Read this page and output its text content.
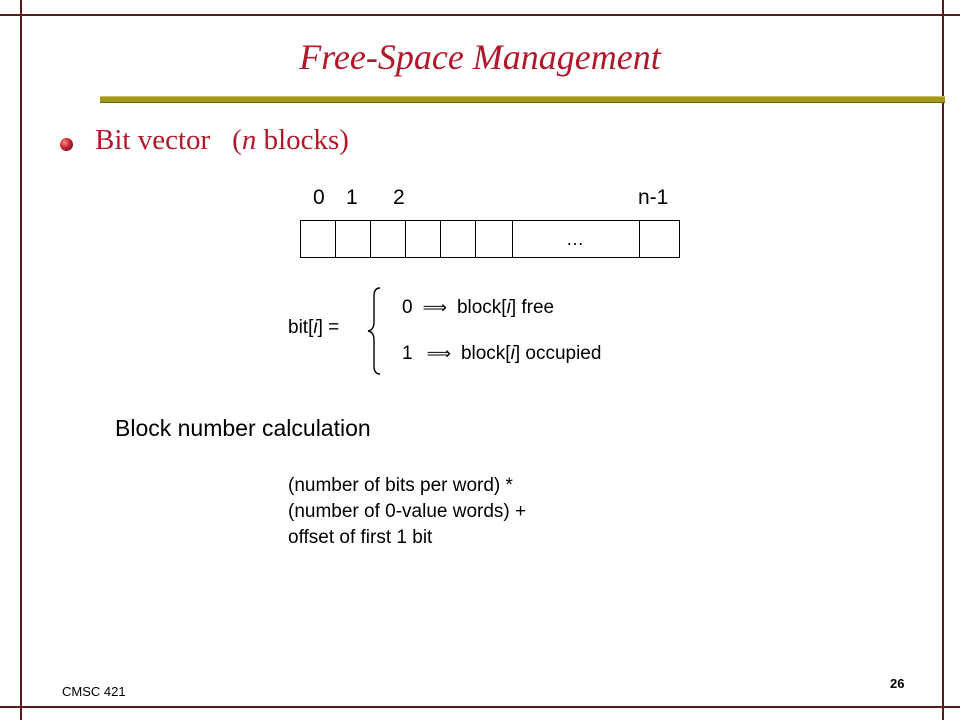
Free-Space Management
Bit vector (n blocks)
0 1 2	n-1
…
bit[i] =
0 ⟹ block[i] free
1 ⟹ block[i] occupied
Block number calculation
(number of bits per word) *
(number of 0-value words) +
offset of first 1 bit
CMSC 421
26
